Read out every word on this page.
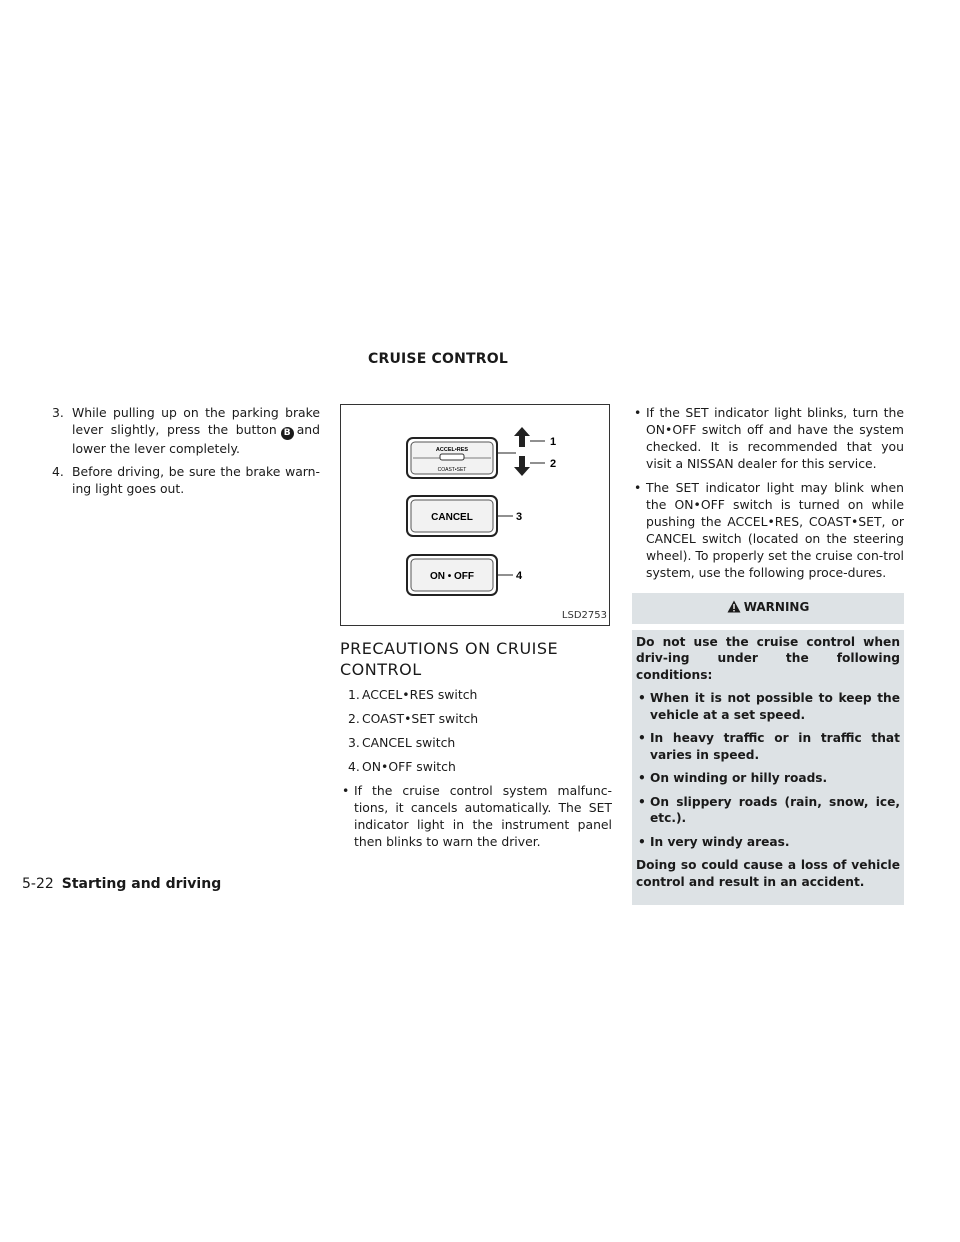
CRUISE CONTROL
3. While pulling up on the parking brake lever slightly, press the button B and lower the lever completely.
4. Before driving, be sure the brake warn-ing light goes out.
ACCEL•RES
COAST•SET
1
2
CANCEL	3
ON • OFF	4
LSD2753
PRECAUTIONS ON CRUISE CONTROL
1. ACCEL•RES switch
2. COAST•SET switch
3. CANCEL switch
4. ON•OFF switch
• If the cruise control system malfunc-tions, it cancels automatically. The SET indicator light in the instrument panel then blinks to warn the driver.
• If the SET indicator light blinks, turn the ON•OFF switch off and have the system checked. It is recommended that you visit a NISSAN dealer for this service.
• The SET indicator light may blink when the ON•OFF switch is turned on while pushing the ACCEL•RES, COAST•SET, or CANCEL switch (located on the steering wheel). To properly set the cruise con-trol system, use the following proce-dures.
WARNING

Do not use the cruise control when driv-ing under the following conditions:

• When it is not possible to keep the vehicle at a set speed.
• In heavy traffic or in traffic that varies in speed.
• On winding or hilly roads.
• On slippery roads (rain, snow, ice, etc.).
• In very windy areas.

Doing so could cause a loss of vehicle control and result in an accident.

5-22 Starting and driving
